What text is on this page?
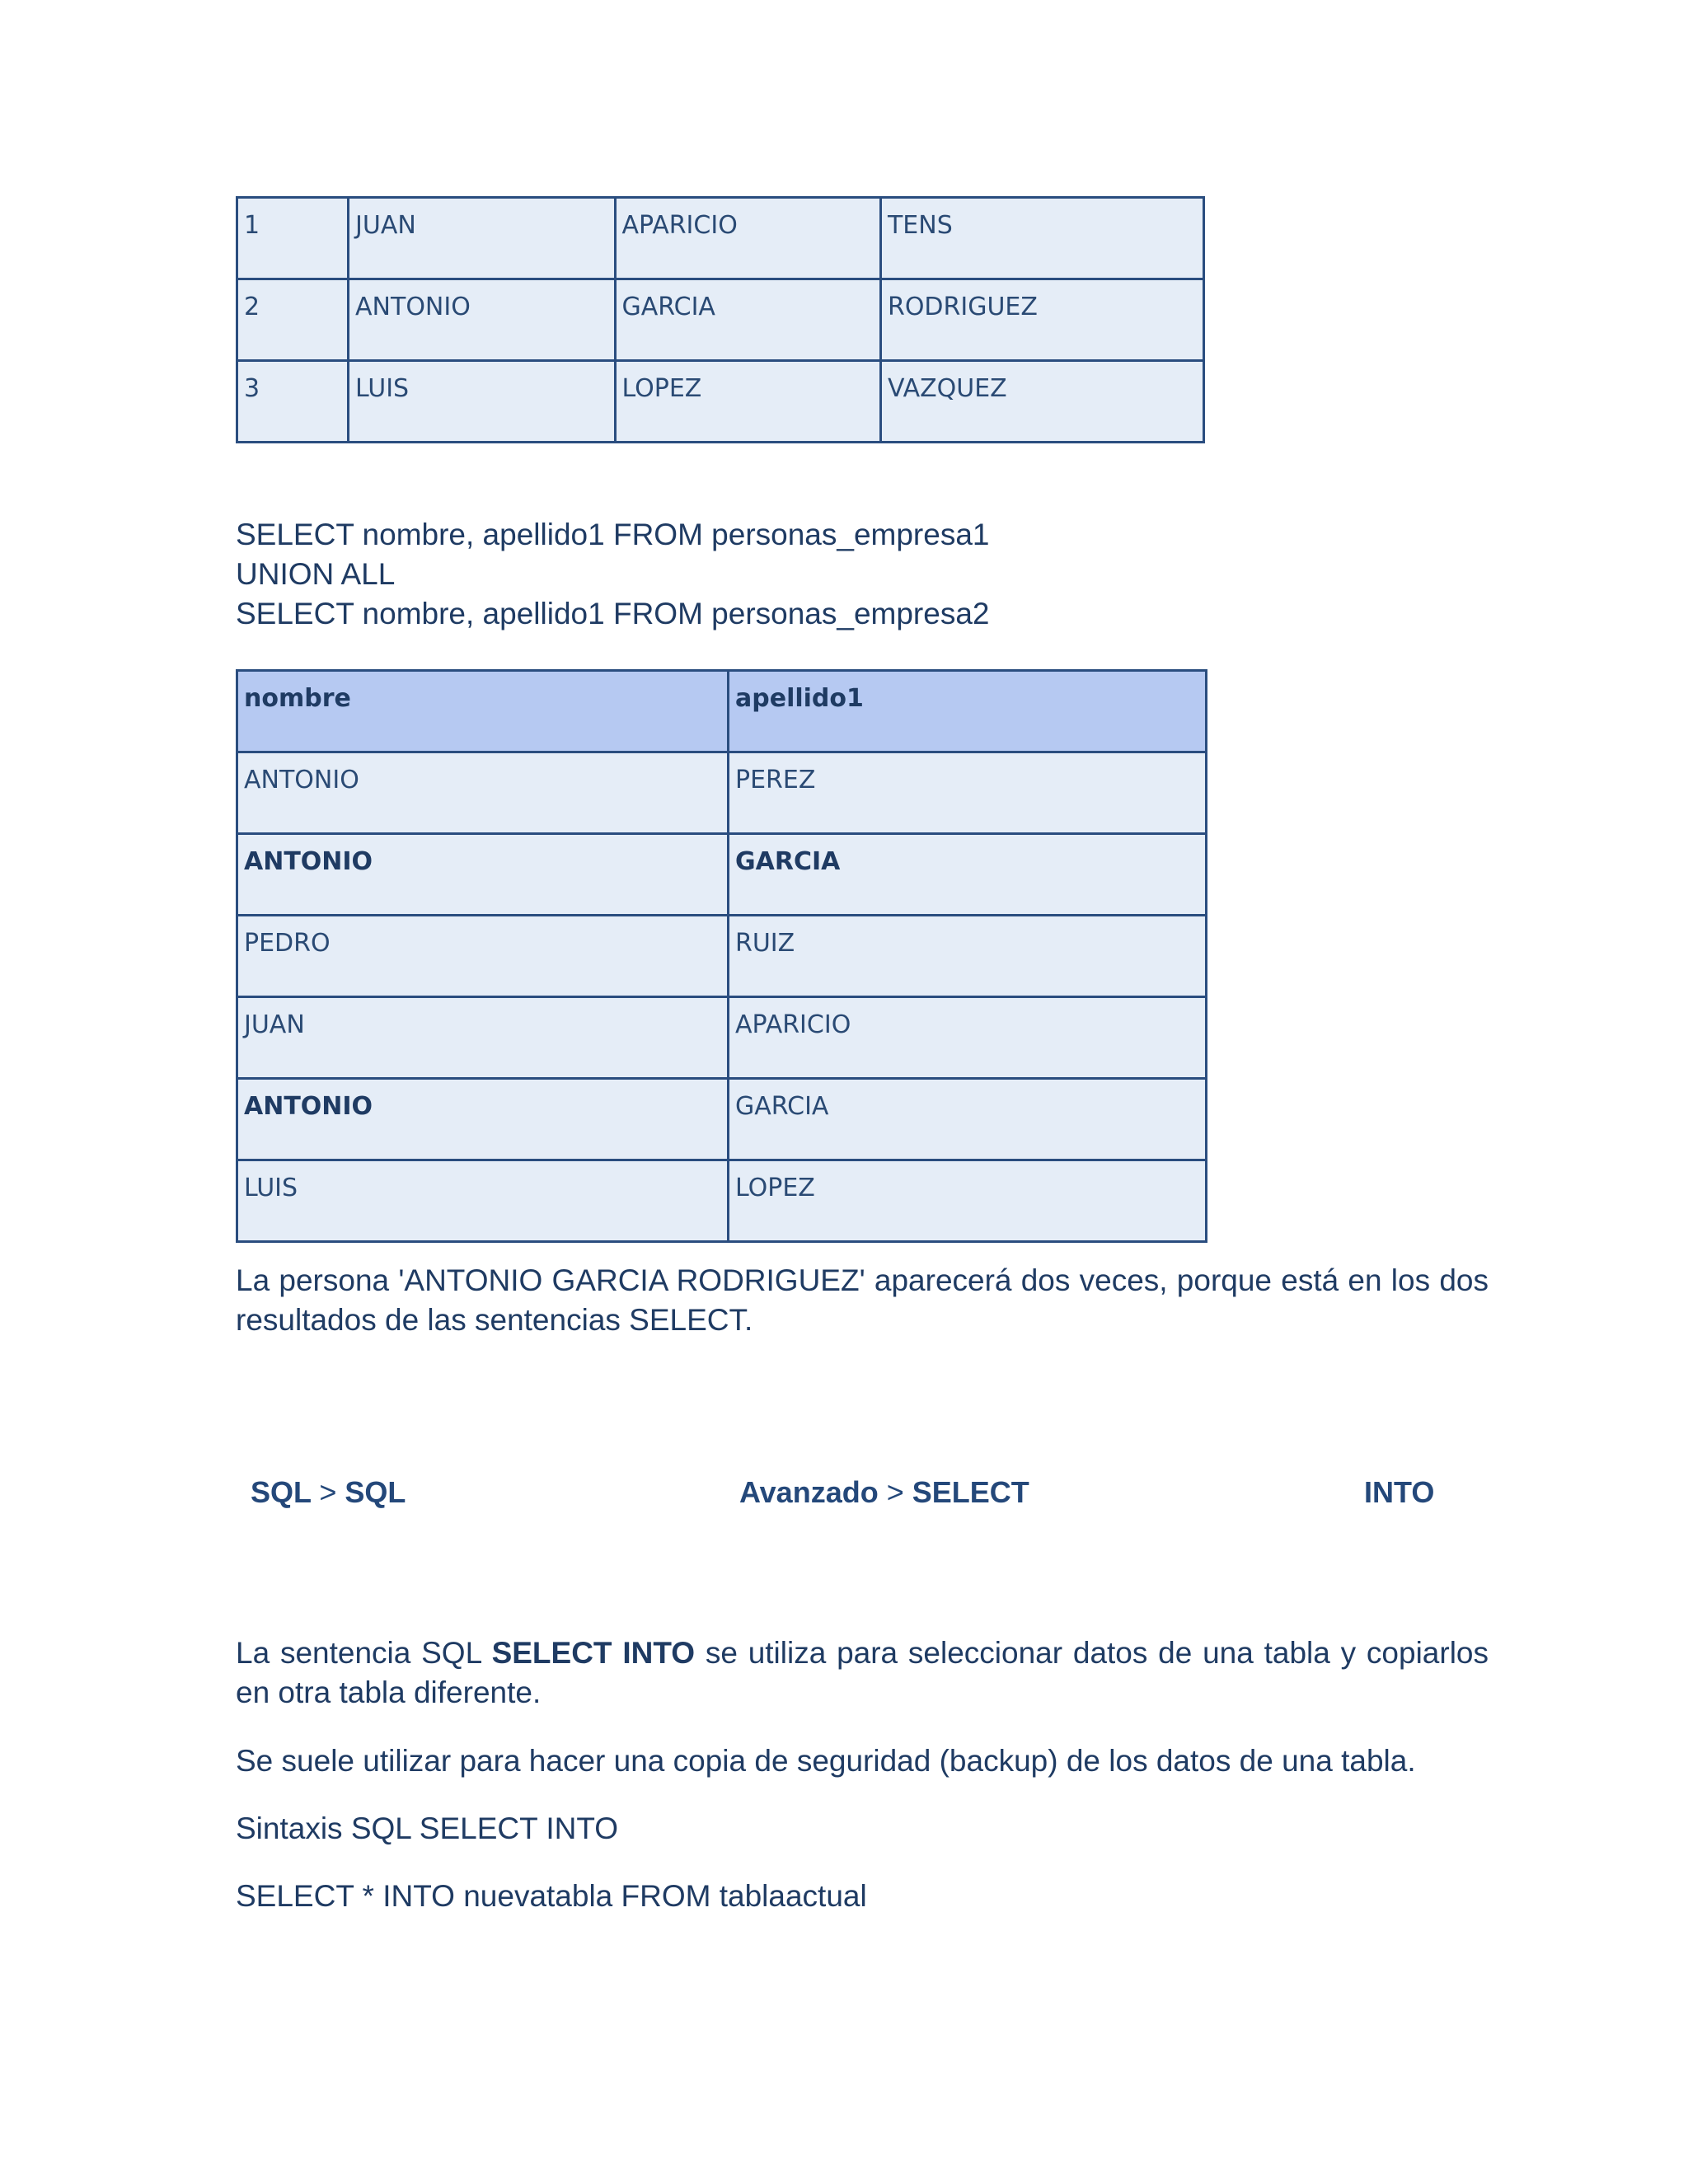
1	JUAN	APARICIO	TENS

2	ANTONIO	GARCIA	RODRIGUEZ

3	LUIS	LOPEZ	VAZQUEZ
SELECT nombre, apellido1 FROM personas_empresa1
UNION ALL
SELECT nombre, apellido1 FROM personas_empresa2
nombre	apellido1

ANTONIO	PEREZ

ANTONIO	GARCIA

PEDRO	RUIZ

JUAN	APARICIO

ANTONIO	GARCIA

LUIS	LOPEZ
La persona 'ANTONIO GARCIA RODRIGUEZ' aparecerá dos veces, porque está en los dos resultados de las sentencias SELECT.
SQL > SQL	Avanzado > SELECT	INTO
La sentencia SQL SELECT INTO se utiliza para seleccionar datos de una tabla y copiarlos en otra tabla diferente.
Se suele utilizar para hacer una copia de seguridad (backup) de los datos de una tabla.
Sintaxis SQL SELECT INTO
SELECT * INTO nuevatabla FROM tablaactual
